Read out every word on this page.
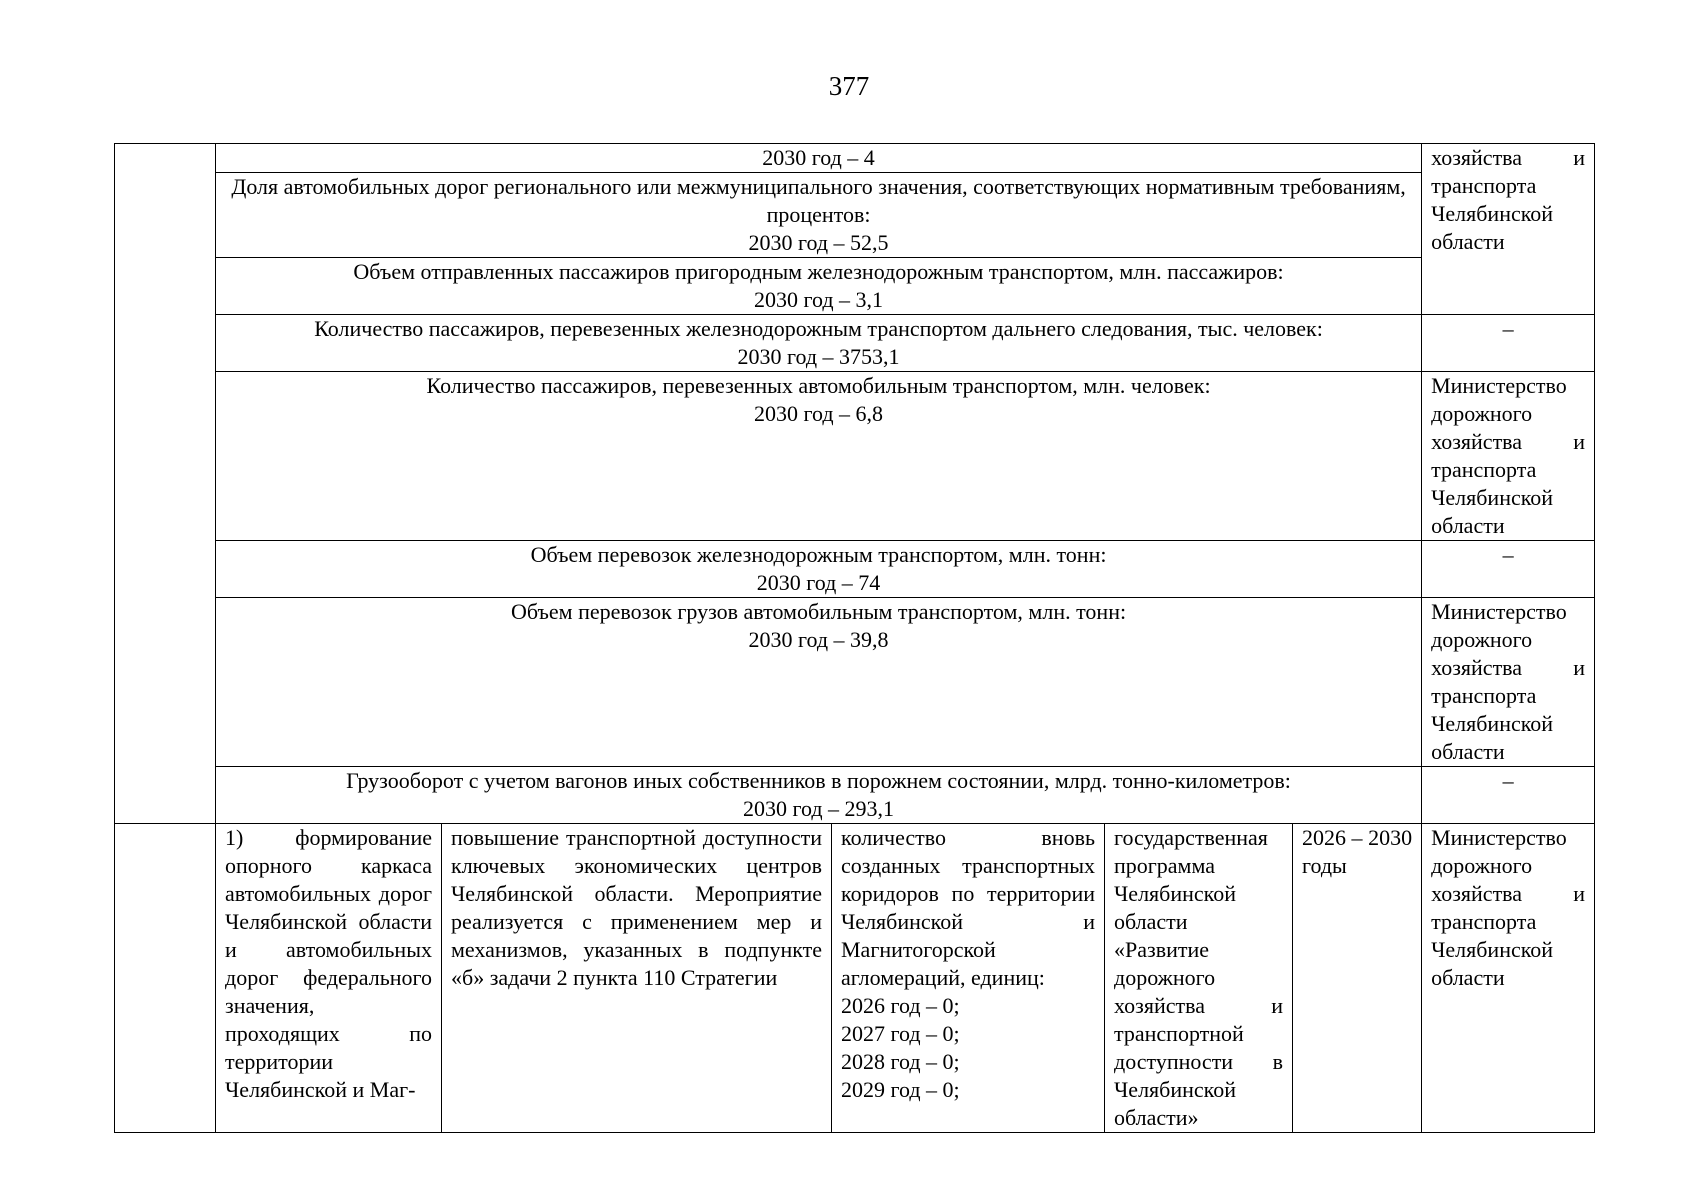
377

	2030 год – 4					хозяйства и транспорта Челябинской области

	Доля автомобильных дорог регионального или межмуниципального значения, соответствующих нормативным требованиям, процентов:
2030 год – 52,5					

	Объем отправленных пассажиров пригородным железнодорожным транспортом, млн. пассажиров:
2030 год – 3,1					

	Количество пассажиров, перевезенных железнодорожным транспортом дальнего следования, тыс. человек:
2030 год – 3753,1					–

	Количество пассажиров, перевезенных автомобильным транспортом, млн. человек:
2030 год – 6,8					Министерство дорожного хозяйства и транспорта Челябинской области

	Объем перевозок железнодорожным транспортом, млн. тонн:
2030 год – 74					–

	Объем перевозок грузов автомобильным транспортом, млн. тонн:
2030 год – 39,8					Министерство дорожного хозяйства и транспорта Челябинской области

	Грузооборот с учетом вагонов иных собственников в порожнем состоянии, млрд. тонно-километров:
2030 год – 293,1					–
	1) формирование опорного каркаса автомобильных дорог Челябинской области и автомобильных дорог федерального значения, проходящих по территории Челябинской и Маг-	повышение транспортной доступности ключевых экономических центров Челябинской области. Мероприятие реализуется с применением мер и механизмов, указанных в подпункте «б» задачи 2 пункта 110 Стратегии	количество вновь созданных транспортных коридоров по территории Челябинской и Магнитогорской агломераций, единиц:
2026 год – 0;
2027 год – 0;
2028 год – 0;
2029 год – 0;	государственная программа Челябинской области «Развитие дорожного хозяйства и транспортной доступности в Челябинской области»	2026 – 2030 годы	Министерство дорожного хозяйства и транспорта Челябинской области
